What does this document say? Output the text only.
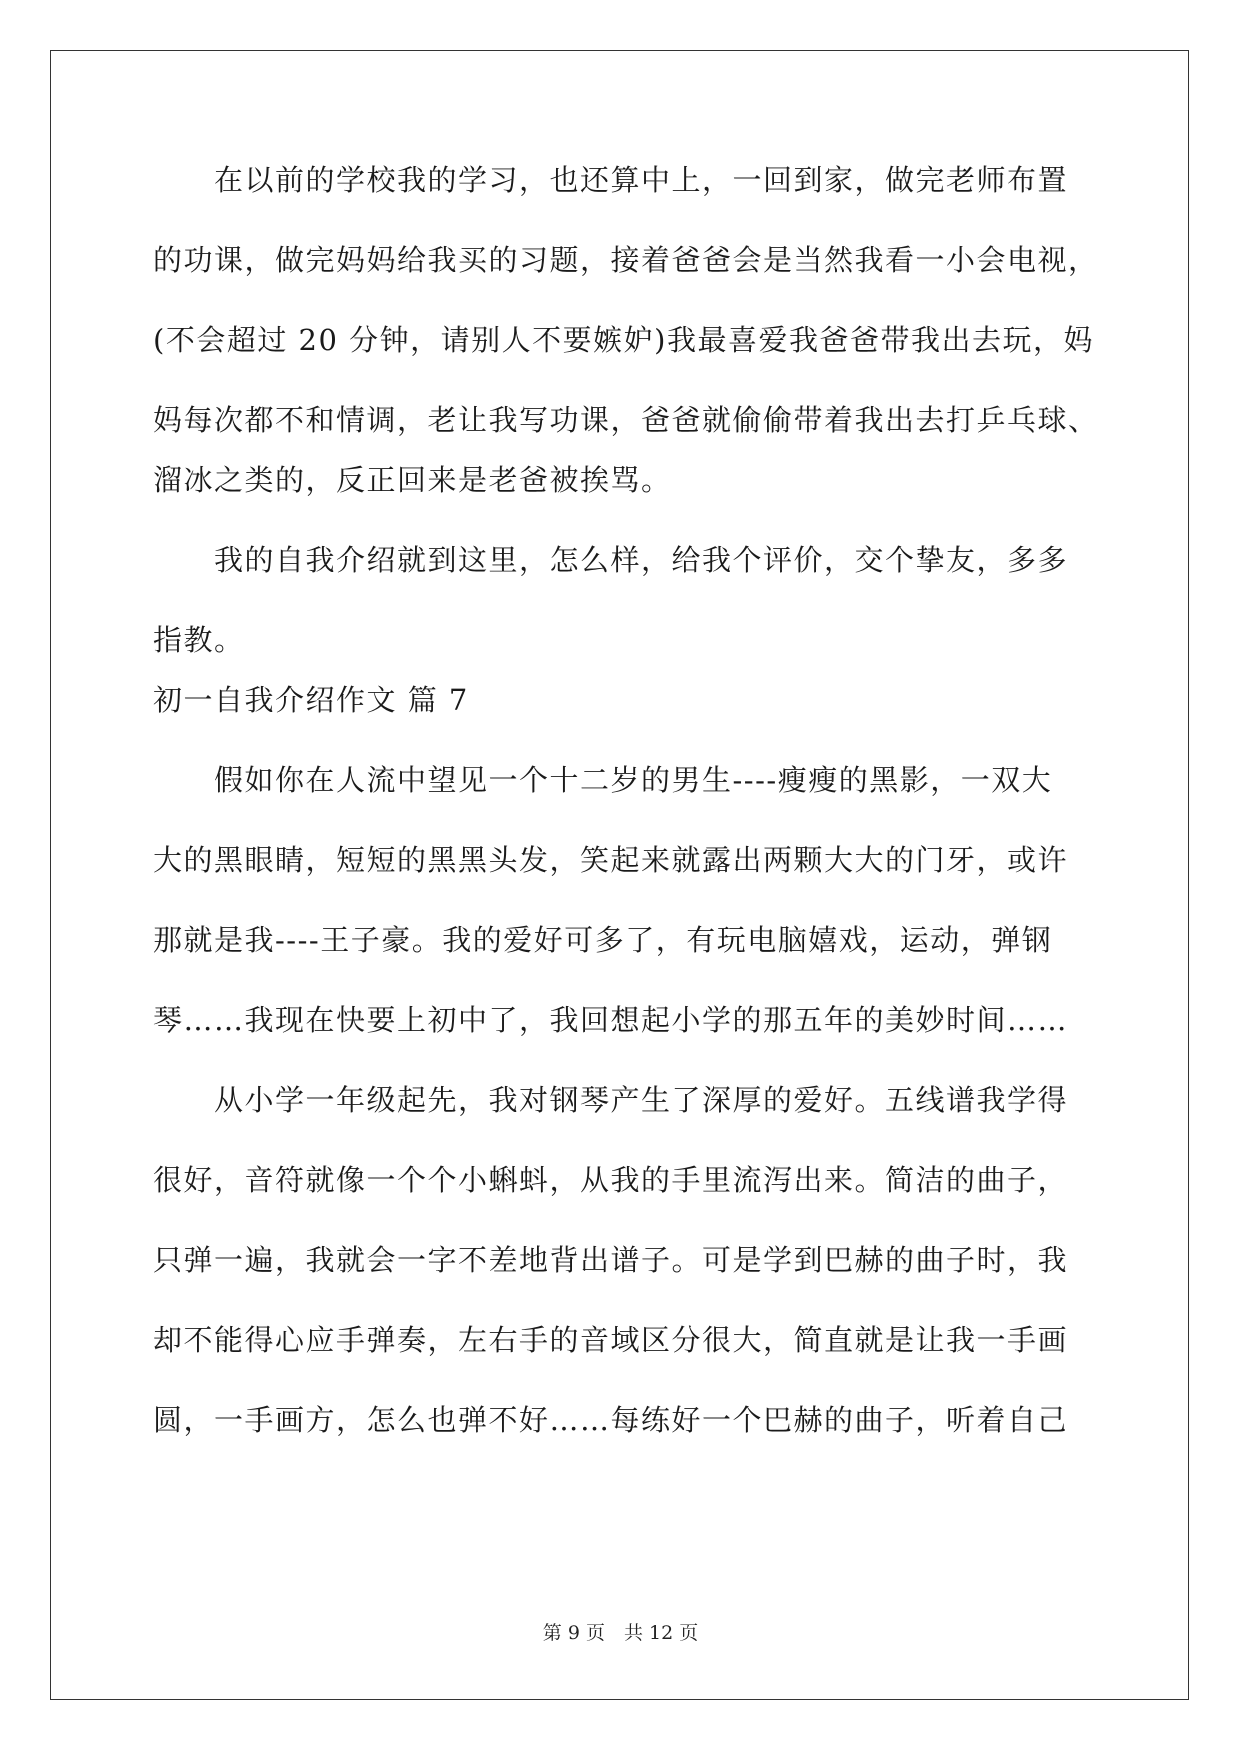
　　在以前的学校我的学习，也还算中上，一回到家，做完老师布置
的功课，做完妈妈给我买的习题，接着爸爸会是当然我看一小会电视，
(不会超过 20 分钟，请别人不要嫉妒)我最喜爱我爸爸带我出去玩，妈
妈每次都不和情调，老让我写功课，爸爸就偷偷带着我出去打乒乓球、
溜冰之类的，反正回来是老爸被挨骂。
　　我的自我介绍就到这里，怎么样，给我个评价，交个挚友，多多
指教。
初一自我介绍作文 篇 7
　　假如你在人流中望见一个十二岁的男生----瘦瘦的黑影，一双大
大的黑眼睛，短短的黑黑头发，笑起来就露出两颗大大的门牙，或许
那就是我----王子豪。我的爱好可多了，有玩电脑嬉戏，运动，弹钢
琴……我现在快要上初中了，我回想起小学的那五年的美妙时间……
　　从小学一年级起先，我对钢琴产生了深厚的爱好。五线谱我学得
很好，音符就像一个个小蝌蚪，从我的手里流泻出来。简洁的曲子，
只弹一遍，我就会一字不差地背出谱子。可是学到巴赫的曲子时，我
却不能得心应手弹奏，左右手的音域区分很大，简直就是让我一手画
圆，一手画方，怎么也弹不好……每练好一个巴赫的曲子，听着自己
第 9 页　共 12 页
